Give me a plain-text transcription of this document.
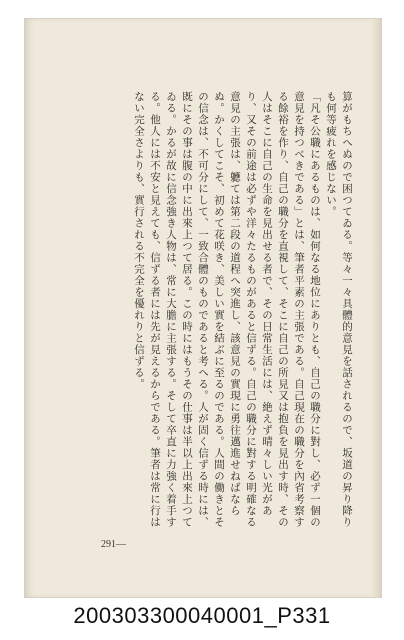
算がもちへぬので困つてゐる。等々一々具體的意見を話されるので、坂道の昇り降りも何等疲れを感じない。

「凡そ公職にあるものは、如何なる地位にありとも、自己の職分に對し、必ず一個の意見を持つべきである」とは、筆者平素の主張である。自己現在の職分を內省考察する餘裕を作り、自己の職分を直視して、そこに自己の所見又は抱負を見出す時、その人はそこに自己の生命を見出せる者で、その日常生活には、絶えず晴々しい光があり、又その前途は必ずや洋々たるものがあると信ずる。自己の職分に對する明確なる意見の主張は、軈ては第二段の道程へ突進し、該意見の實現に勇往邁進せねばならぬ。かくしてこそ、初めて花咲き、美しい實を結ぶに至るのである。人間の働きとその信念は、不可分にして、一致合體のものであると考へる。人が固く信ずる時には、既にその事は腹の中に出來上つて居る。この時にはもうその仕事は半以上出來上つてゐる。かるが故に信念強き人物は、常に大膽に主張する。そして卒直に力強く着手する。他人には不安と見えても、信ずる者には先が見えるからである。筆者は常に行はない完全さよりも、實行される不完全を優れりと信ずる。

291—
200303300040001_P331
